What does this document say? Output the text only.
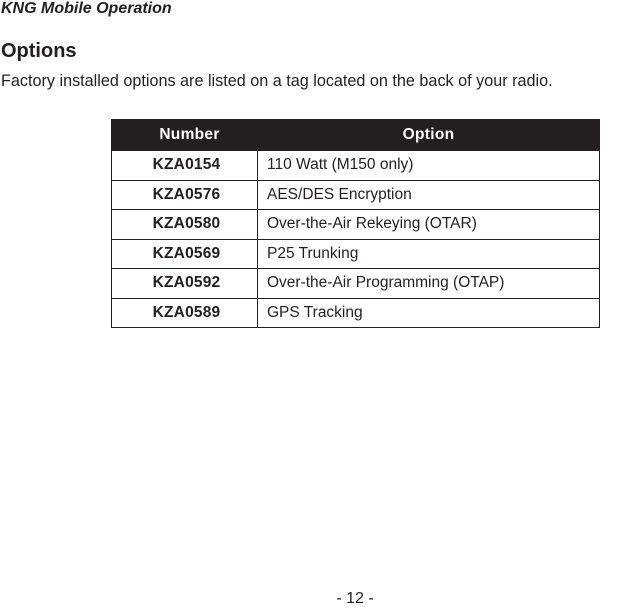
KNG Mobile Operation
Options
Factory installed options are listed on a tag located on the back of your radio.
Number	Option
KZA0154	110 Watt (M150 only)
KZA0576	AES/DES Encryption
KZA0580	Over-the-Air Rekeying (OTAR)
KZA0569	P25 Trunking
KZA0592	Over-the-Air Programming (OTAP)
KZA0589	GPS Tracking
- 12 -
